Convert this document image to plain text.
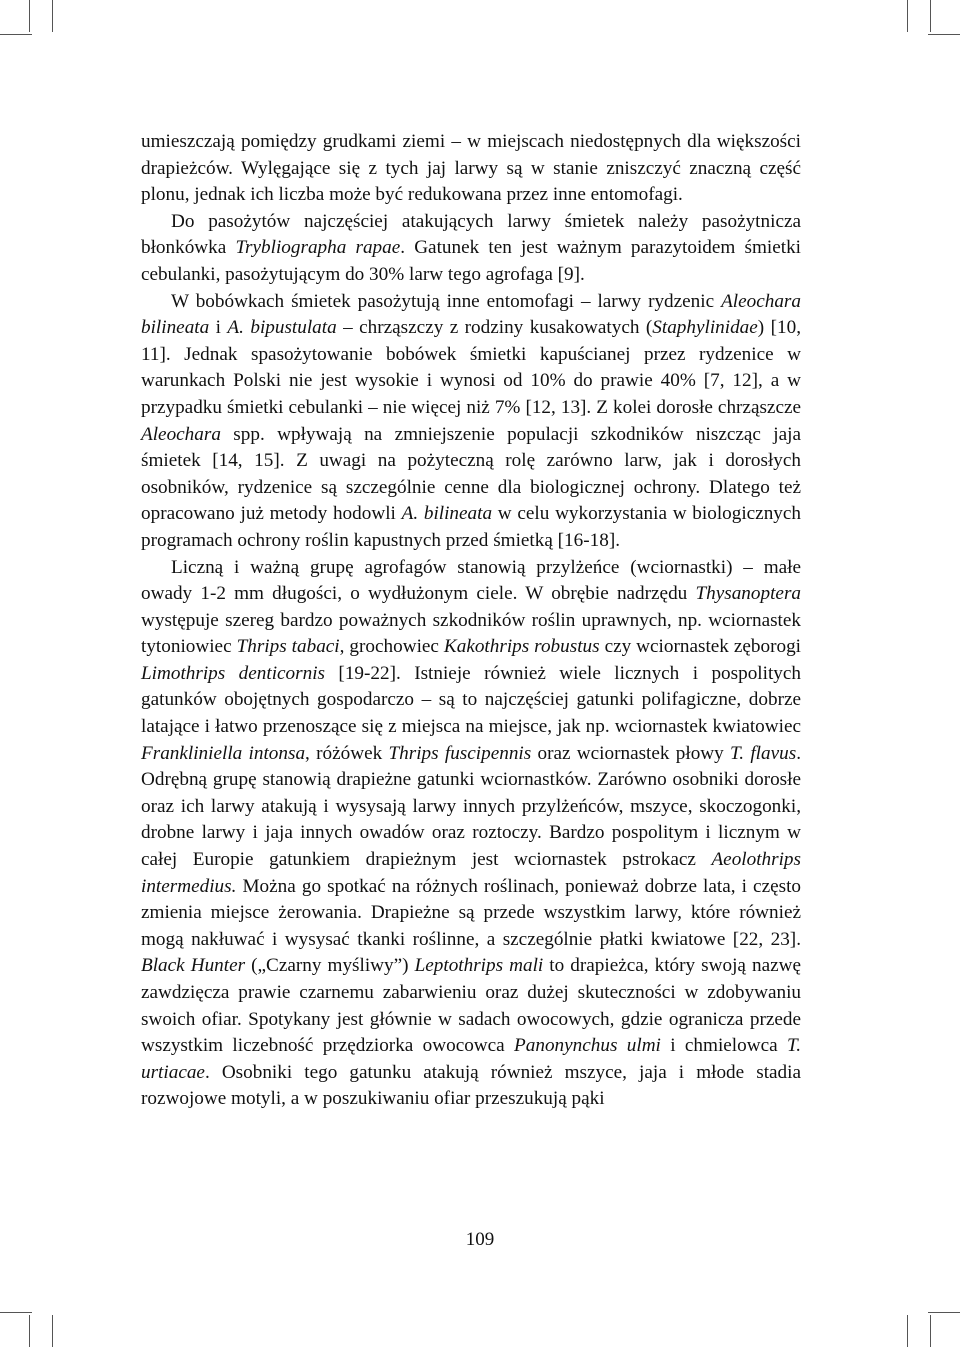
umieszczają pomiędzy grudkami ziemi – w miejscach niedostępnych dla większości drapieżców. Wylęgające się z tych jaj larwy są w stanie zniszczyć znaczną część plonu, jednak ich liczba może być redukowana przez inne entomofagi.

Do pasożytów najczęściej atakujących larwy śmietek należy pasożytnicza błonkówka Trybliographa rapae. Gatunek ten jest ważnym parazytoidem śmietki cebulanki, pasożytującym do 30% larw tego agrofaga [9].

W bobówkach śmietek pasożytują inne entomofagi – larwy rydzenic Aleochara bilineata i A. bipustulata – chrząszczy z rodziny kusakowatych (Staphylinidae) [10, 11]. Jednak spasożytowanie bobówek śmietki kapuścianej przez rydzenice w warunkach Polski nie jest wysokie i wynosi od 10% do prawie 40% [7, 12], a w przypadku śmietki cebulanki – nie więcej niż 7% [12, 13]. Z kolei dorosłe chrząszcze Aleochara spp. wpływają na zmniejszenie populacji szkodników niszcząc jaja śmietek [14, 15]. Z uwagi na pożyteczną rolę zarówno larw, jak i dorosłych osobników, rydzenice są szczególnie cenne dla biologicznej ochrony. Dlatego też opracowano już metody hodowli A. bilineata w celu wykorzystania w biologicznych programach ochrony roślin kapustnych przed śmietką [16-18].

Liczną i ważną grupę agrofagów stanowią przylżeńce (wciornastki) – małe owady 1-2 mm długości, o wydłużonym ciele. W obrębie nadrzędu Thysanoptera występuje szereg bardzo poważnych szkodników roślin uprawnych, np. wciornastek tytoniowiec Thrips tabaci, grochowiec Kakothrips robustus czy wciornastek zęborogi Limothrips denticornis [19-22]. Istnieje również wiele licznych i pospolitych gatunków obojętnych gospodarczo – są to najczęściej gatunki polifagiczne, dobrze latające i łatwo przenoszące się z miejsca na miejsce, jak np. wciornastek kwiatowiec Frankliniella intonsa, różówek Thrips fuscipennis oraz wciornastek płowy T. flavus. Odrębną grupę stanowią drapieżne gatunki wciornastków. Zarówno osobniki dorosłe oraz ich larwy atakują i wysysają larwy innych przylżeńców, mszyce, skoczogonki, drobne larwy i jaja innych owadów oraz roztoczy. Bardzo pospolitym i licznym w całej Europie gatunkiem drapieżnym jest wciornastek pstrokacz Aeolothrips intermedius. Można go spotkać na różnych roślinach, ponieważ dobrze lata, i często zmienia miejsce żerowania. Drapieżne są przede wszystkim larwy, które również mogą nakłuwać i wysysać tkanki roślinne, a szczególnie płatki kwiatowe [22, 23]. Black Hunter („Czarny myśliwy”) Leptothrips mali to drapieżca, który swoją nazwę zawdzięcza prawie czarnemu zabarwieniu oraz dużej skuteczności w zdobywaniu swoich ofiar. Spotykany jest głównie w sadach owocowych, gdzie ogranicza przede wszystkim liczebność przędziorka owocowca Panonynchus ulmi i chmielowca T. urtiacae. Osobniki tego gatunku atakują również mszyce, jaja i młode stadia rozwojowe motyli, a w poszukiwaniu ofiar przeszukują pąki

109
